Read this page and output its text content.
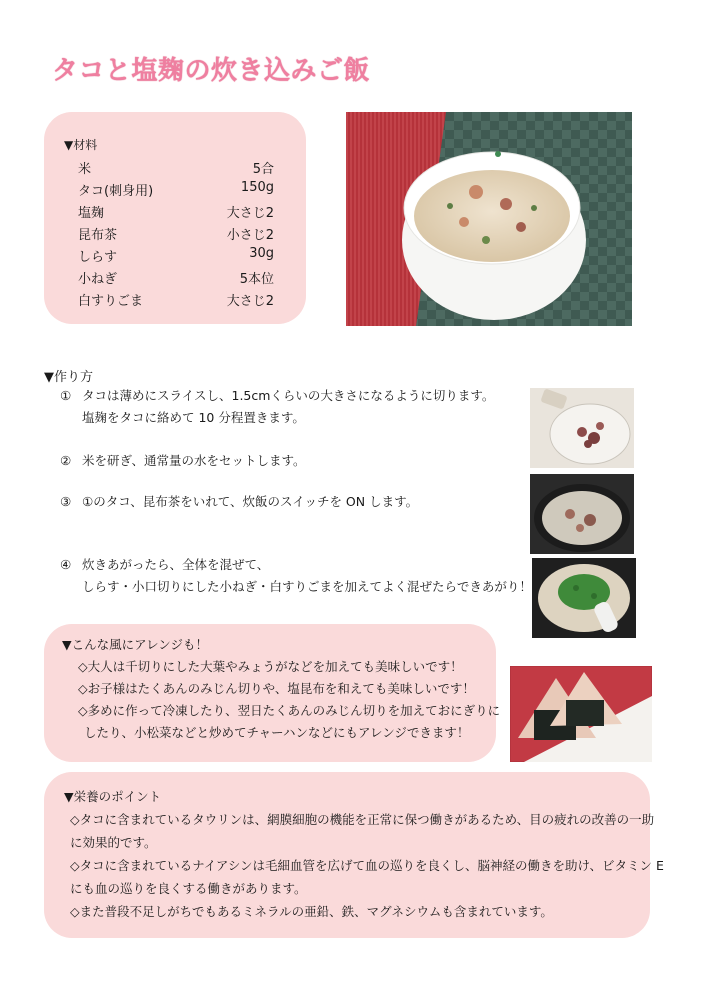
タコと塩麹の炊き込みご飯
▼材料
米	5合
タコ(刺身用)	150g
塩麹	大さじ2
昆布茶	小さじ2
しらす	30g
小ねぎ	5本位
白すりごま	大さじ2
▼作り方
① タコは薄めにスライスし、1.5cmくらいの大きさになるように切ります。
塩麹をタコに絡めて 10 分程置きます。
② 米を研ぎ、通常量の水をセットします。
③ ①のタコ、昆布茶をいれて、炊飯のスイッチを ON します。
④ 炊きあがったら、全体を混ぜて、
しらす・小口切りにした小ねぎ・白すりごまを加えてよく混ぜたらできあがり！
▼こんな風にアレンジも！
◇大人は千切りにした大葉やみょうがなどを加えても美味しいです！
◇お子様はたくあんのみじん切りや、塩昆布を和えても美味しいです！
◇多めに作って冷凍したり、翌日たくあんのみじん切りを加えておにぎりに
したり、小松菜などと炒めてチャーハンなどにもアレンジできます！
▼栄養のポイント
◇タコに含まれているタウリンは、網膜細胞の機能を正常に保つ働きがあるため、目の疲れの改善の一助
に効果的です。
◇タコに含まれているナイアシンは毛細血管を広げて血の巡りを良くし、脳神経の働きを助け、ビタミン E
にも血の巡りを良くする働きがあります。
◇また普段不足しがちでもあるミネラルの亜鉛、鉄、マグネシウムも含まれています。
